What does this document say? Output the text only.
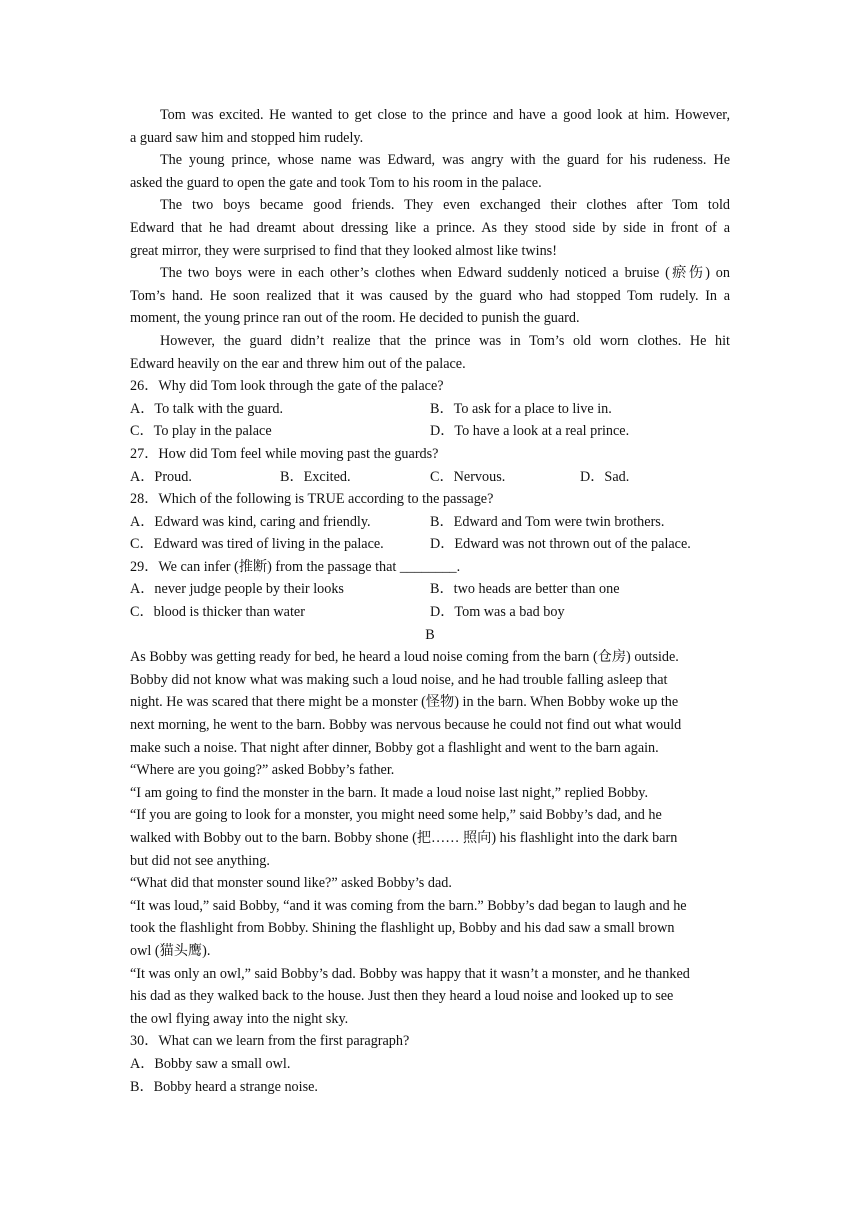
Tom was excited. He wanted to get close to the prince and have a good look at him. However,
a guard saw him and stopped him rudely.
The young prince, whose name was Edward, was angry with the guard for his rudeness. He
asked the guard to open the gate and took Tom to his room in the palace.
The two boys became good friends. They even exchanged their clothes after Tom told
Edward that he had dreamt about dressing like a prince. As they stood side by side in front of a
great mirror, they were surprised to find that they looked almost like twins!
The two boys were in each other’s clothes when Edward suddenly noticed a bruise (瘀伤) on
Tom’s hand. He soon realized that it was caused by the guard who had stopped Tom rudely. In a
moment, the young prince ran out of the room. He decided to punish the guard.
However, the guard didn’t realize that the prince was in Tom’s old worn clothes. He hit
Edward heavily on the ear and threw him out of the palace.
26．Why did Tom look through the gate of the palace?
A．To talk with the guard.	B．To ask for a place to live in.
C．To play in the palace	D．To have a look at a real prince.
27．How did Tom feel while moving past the guards?
A．Proud.	B．Excited.	C．Nervous.	D．Sad.
28．Which of the following is TRUE according to the passage?
A．Edward was kind, caring and friendly.	B．Edward and Tom were twin brothers.
C．Edward was tired of living in the palace.	D．Edward was not thrown out of the palace.
29．We can infer (推断) from the passage that ________.
A．never judge people by their looks	B．two heads are better than one
C．blood is thicker than water	D．Tom was a bad boy
B
As Bobby was getting ready for bed, he heard a loud noise coming from the barn (仓房) outside.
Bobby did not know what was making such a loud noise, and he had trouble falling asleep that
night. He was scared that there might be a monster (怪物) in the barn. When Bobby woke up the
next morning, he went to the barn. Bobby was nervous because he could not find out what would
make such a noise. That night after dinner, Bobby got a flashlight and went to the barn again.
“Where are you going?” asked Bobby’s father.
“I am going to find the monster in the barn. It made a loud noise last night,” replied Bobby.
“If you are going to look for a monster, you might need some help,” said Bobby’s dad, and he
walked with Bobby out to the barn. Bobby shone (把…… 照向) his flashlight into the dark barn
but did not see anything.
“What did that monster sound like?” asked Bobby’s dad.
“It was loud,” said Bobby, “and it was coming from the barn.” Bobby’s dad began to laugh and he
took the flashlight from Bobby. Shining the flashlight up, Bobby and his dad saw a small brown
owl (猫头鹰).
“It was only an owl,” said Bobby’s dad. Bobby was happy that it wasn’t a monster, and he thanked
his dad as they walked back to the house. Just then they heard a loud noise and looked up to see
the owl flying away into the night sky.
30．What can we learn from the first paragraph?
A．Bobby saw a small owl.
B．Bobby heard a strange noise.
